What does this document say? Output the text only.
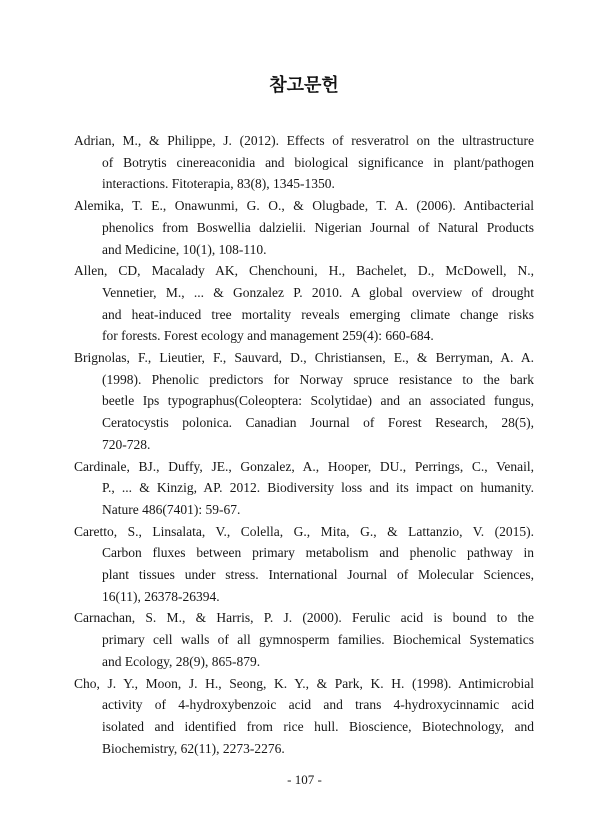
참고문헌

Adrian, M., & Philippe, J. (2012). Effects of resveratrol on the ultrastructure
of Botrytis cinereaconidia and biological significance in plant/pathogen
interactions. Fitoterapia, 83(8), 1345-1350.

Alemika, T. E., Onawunmi, G. O., & Olugbade, T. A. (2006). Antibacterial
phenolics from Boswellia dalzielii. Nigerian Journal of Natural Products
and Medicine, 10(1), 108-110.

Allen, CD, Macalady AK, Chenchouni, H., Bachelet, D., McDowell, N.,
Vennetier, M., ... & Gonzalez P. 2010. A global overview of drought
and heat-induced tree mortality reveals emerging climate change risks
for forests. Forest ecology and management 259(4): 660-684.

Brignolas, F., Lieutier, F., Sauvard, D., Christiansen, E., & Berryman, A. A.
(1998). Phenolic predictors for Norway spruce resistance to the bark
beetle Ips typographus(Coleoptera: Scolytidae) and an associated fungus,
Ceratocystis polonica. Canadian Journal of Forest Research, 28(5),
720-728.

Cardinale, BJ., Duffy, JE., Gonzalez, A., Hooper, DU., Perrings, C., Venail,
P., ... & Kinzig, AP. 2012. Biodiversity loss and its impact on humanity.
Nature 486(7401): 59-67.

Caretto, S., Linsalata, V., Colella, G., Mita, G., & Lattanzio, V. (2015).
Carbon fluxes between primary metabolism and phenolic pathway in
plant tissues under stress. International Journal of Molecular Sciences,
16(11), 26378-26394.

Carnachan, S. M., & Harris, P. J. (2000). Ferulic acid is bound to the
primary cell walls of all gymnosperm families. Biochemical Systematics
and Ecology, 28(9), 865-879.

Cho, J. Y., Moon, J. H., Seong, K. Y., & Park, K. H. (1998). Antimicrobial
activity of 4-hydroxybenzoic acid and trans 4-hydroxycinnamic acid
isolated and identified from rice hull. Bioscience, Biotechnology, and
Biochemistry, 62(11), 2273-2276.

- 107 -
